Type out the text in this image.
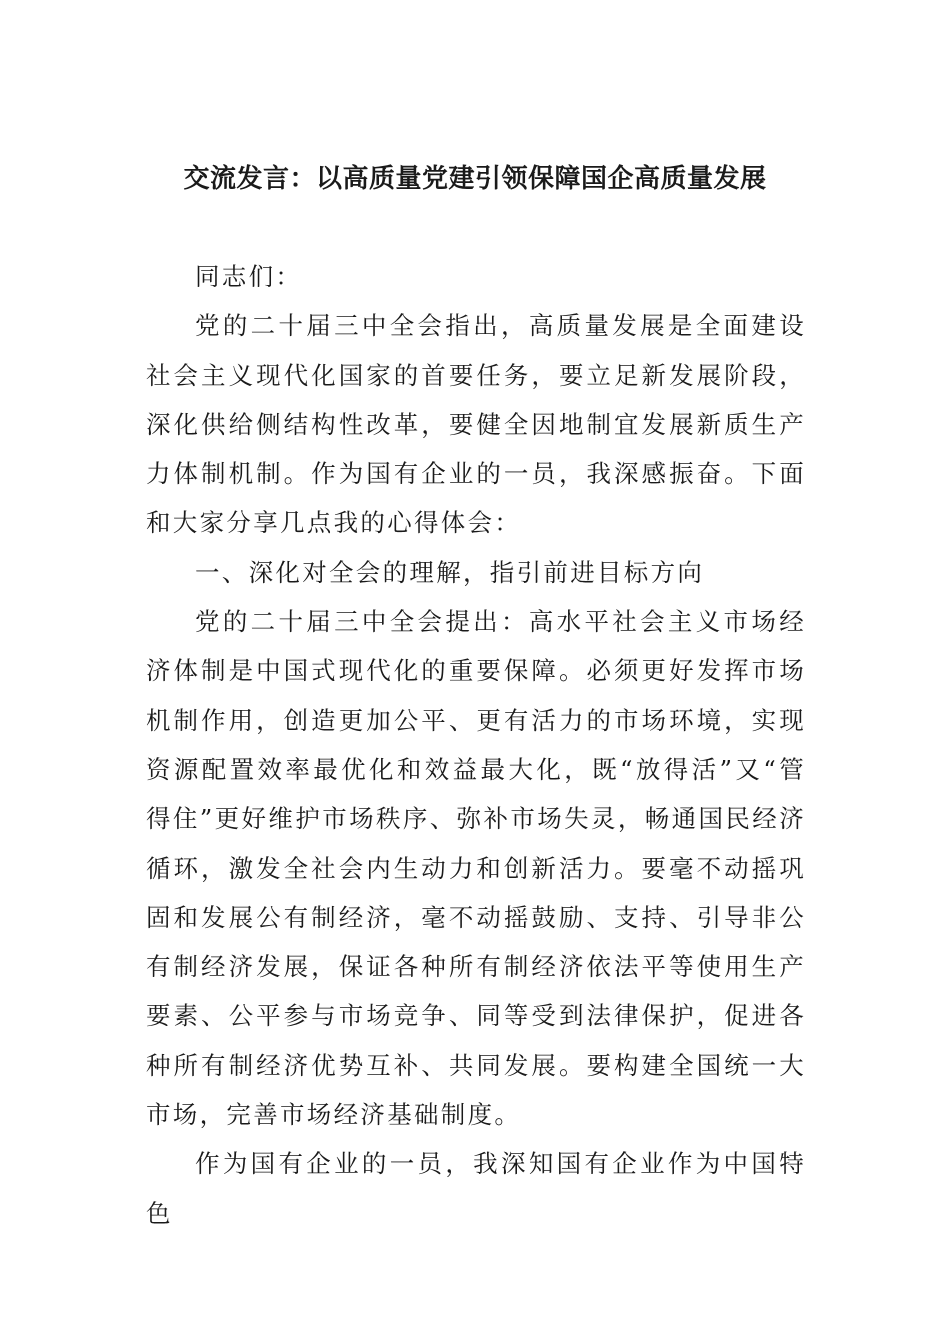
交流发言：以高质量党建引领保障国企高质量发展

同志们：

党的二十届三中全会指出，高质量发展是全面建设社会主义现代化国家的首要任务，要立足新发展阶段，深化供给侧结构性改革，要健全因地制宜发展新质生产力体制机制。作为国有企业的一员，我深感振奋。下面和大家分享几点我的心得体会：

一、深化对全会的理解，指引前进目标方向

党的二十届三中全会提出：高水平社会主义市场经济体制是中国式现代化的重要保障。必须更好发挥市场机制作用，创造更加公平、更有活力的市场环境，实现资源配置效率最优化和效益最大化，既“放得活”又“管得住”更好维护市场秩序、弥补市场失灵，畅通国民经济循环，激发全社会内生动力和创新活力。要毫不动摇巩固和发展公有制经济，毫不动摇鼓励、支持、引导非公有制经济发展，保证各种所有制经济依法平等使用生产要素、公平参与市场竞争、同等受到法律保护，促进各种所有制经济优势互补、共同发展。要构建全国统一大市场，完善市场经济基础制度。

作为国有企业的一员，我深知国有企业作为中国特色
